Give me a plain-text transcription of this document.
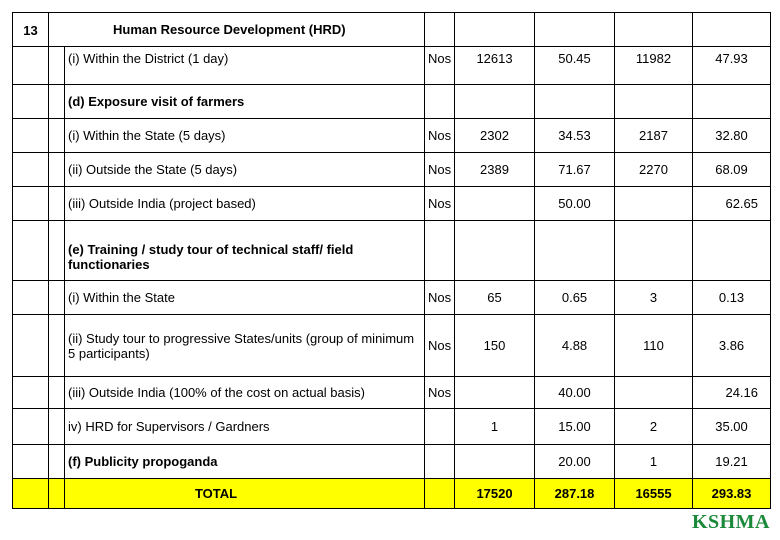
13	Human Resource Development (HRD)						
		(i) Within the District (1 day)	Nos	12613	50.45	11982	47.93
		(d) Exposure visit of farmers					
		(i) Within the State (5 days)	Nos	2302	34.53	2187	32.80
		(ii) Outside the State (5 days)	Nos	2389	71.67	2270	68.09
		(iii) Outside India (project based)	Nos		50.00		62.65
		(e) Training / study tour of technical staff/ field functionaries					
		(i) Within the State	Nos	65	0.65	3	0.13
		(ii) Study tour to progressive States/units (group of minimum 5 participants)	Nos	150	4.88	110	3.86
		(iii) Outside India (100% of the cost on actual basis)	Nos		40.00		24.16
		iv) HRD for Supervisors / Gardners		1	15.00	2	35.00
		(f) Publicity propoganda			20.00	1	19.21
		TOTAL		17520	287.18	16555	293.83
KSHMA
